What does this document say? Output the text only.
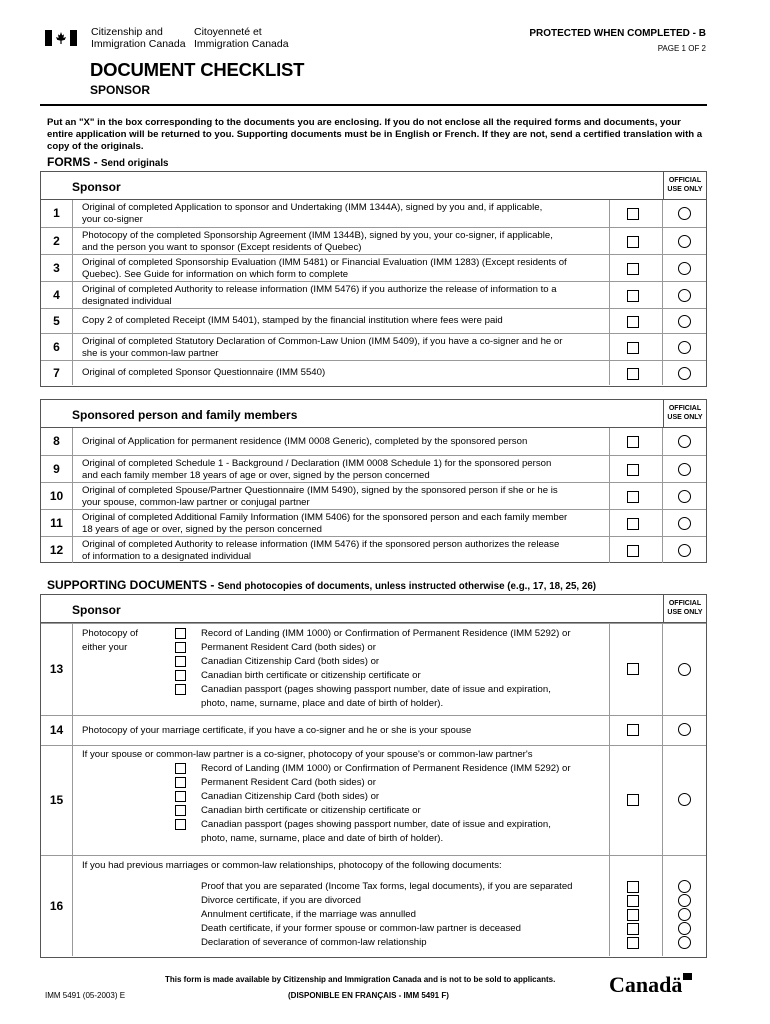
Citizenship and
Immigration Canada
Citoyenneté et
Immigration Canada
PROTECTED WHEN COMPLETED - B
PAGE 1 OF 2
DOCUMENT CHECKLIST
SPONSOR
Put an "X" in the box corresponding to the documents you are enclosing. If you do not enclose all the required forms and documents, your entire application will be returned to you. Supporting documents must be in English or French. If they are not, send a certified translation with a copy of the originals.
FORMS - Send originals
Sponsor	OFFICIAL
USE ONLY
1	Original of completed Application to sponsor and Undertaking (IMM 1344A), signed by you and, if applicable,
your co-signer
2	Photocopy of the completed Sponsorship Agreement (IMM 1344B), signed by you, your co-signer, if applicable,
and the person you want to sponsor (Except residents of Quebec)
3	Original of completed Sponsorship Evaluation (IMM 5481) or Financial Evaluation (IMM 1283) (Except residents of
Quebec). See Guide for information on which form to complete
4	Original of completed Authority to release information (IMM 5476) if you authorize the release of information to a
designated individual
5	Copy 2 of completed Receipt (IMM 5401), stamped by the financial institution where fees were paid
6	Original of completed Statutory Declaration of Common-Law Union (IMM 5409), if you have a co-signer and he or
she is your common-law partner
7	Original of completed Sponsor Questionnaire (IMM 5540)
Sponsored person and family members	OFFICIAL
USE ONLY
8	Original of Application for permanent residence (IMM 0008 Generic), completed by the sponsored person
9	Original of completed Schedule 1 - Background / Declaration (IMM 0008 Schedule 1) for the sponsored person
and each family member 18 years of age or over, signed by the person concerned
10	Original of completed Spouse/Partner Questionnaire (IMM 5490), signed by the sponsored person if she or he is
your spouse, common-law partner or conjugal partner
11	Original of completed Additional Family Information (IMM 5406) for the sponsored person and each family member
18 years of age or over, signed by the person concerned
12	Original of completed Authority to release information (IMM 5476) if the sponsored person authorizes the release
of information to a designated individual
SUPPORTING DOCUMENTS - Send photocopies of documents, unless instructed otherwise (e.g., 17, 18, 25, 26)
Sponsor	OFFICIAL
USE ONLY
13
Photocopy of
either your
Record of Landing (IMM 1000) or Confirmation of Permanent Residence (IMM 5292) or
Permanent Resident Card (both sides) or
Canadian Citizenship Card (both sides) or
Canadian birth certificate or citizenship certificate or
Canadian passport (pages showing passport number, date of issue and expiration,
photo, name, surname, place and date of birth of holder).
14	Photocopy of your marriage certificate, if you have a co-signer and he or she is your spouse
15
If your spouse or common-law partner is a co-signer, photocopy of your spouse's or common-law partner's
Record of Landing (IMM 1000) or Confirmation of Permanent Residence (IMM 5292) or
Permanent Resident Card (both sides) or
Canadian Citizenship Card (both sides) or
Canadian birth certificate or citizenship certificate or
Canadian passport (pages showing passport number, date of issue and expiration,
photo, name, surname, place and date of birth of holder).
16
If you had previous marriages or common-law relationships, photocopy of the following documents:
Proof that you are separated (Income Tax forms, legal documents), if you are separated
Divorce certificate, if you are divorced
Annulment certificate, if the marriage was annulled
Death certificate, if your former spouse or common-law partner is deceased
Declaration of severance of common-law relationship
This form is made available by Citizenship and Immigration Canada and is not to be sold to applicants.
(DISPONIBLE EN FRANÇAIS - IMM 5491 F)
IMM 5491 (05-2003) E	Canadä
